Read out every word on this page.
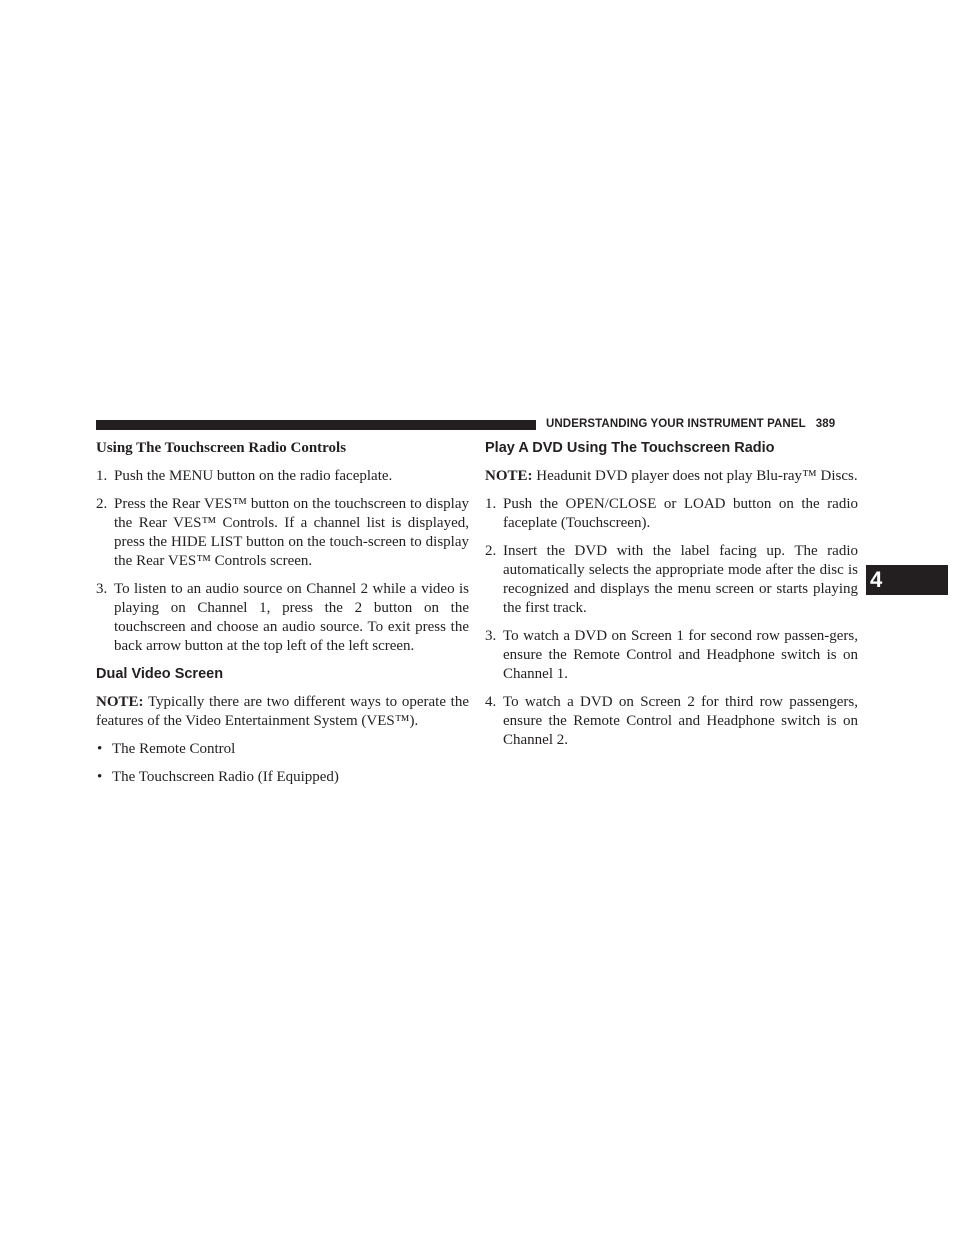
UNDERSTANDING YOUR INSTRUMENT PANEL 389
4
Using The Touchscreen Radio Controls
1. Push the MENU button on the radio faceplate.
2. Press the Rear VES™ button on the touchscreen to display the Rear VES™ Controls. If a channel list is displayed, press the HIDE LIST button on the touch-screen to display the Rear VES™ Controls screen.
3. To listen to an audio source on Channel 2 while a video is playing on Channel 1, press the 2 button on the touchscreen and choose an audio source. To exit press the back arrow button at the top left of the left screen.
Dual Video Screen

NOTE: Typically there are two different ways to operate the features of the Video Entertainment System (VES™).

• The Remote Control
• The Touchscreen Radio (If Equipped)
Play A DVD Using The Touchscreen Radio

NOTE: Headunit DVD player does not play Blu-ray™ Discs.

1. Push the OPEN/CLOSE or LOAD button on the radio faceplate (Touchscreen).
2. Insert the DVD with the label facing up. The radio automatically selects the appropriate mode after the disc is recognized and displays the menu screen or starts playing the first track.
3. To watch a DVD on Screen 1 for second row passen-gers, ensure the Remote Control and Headphone switch is on Channel 1.
4. To watch a DVD on Screen 2 for third row passengers, ensure the Remote Control and Headphone switch is on Channel 2.
